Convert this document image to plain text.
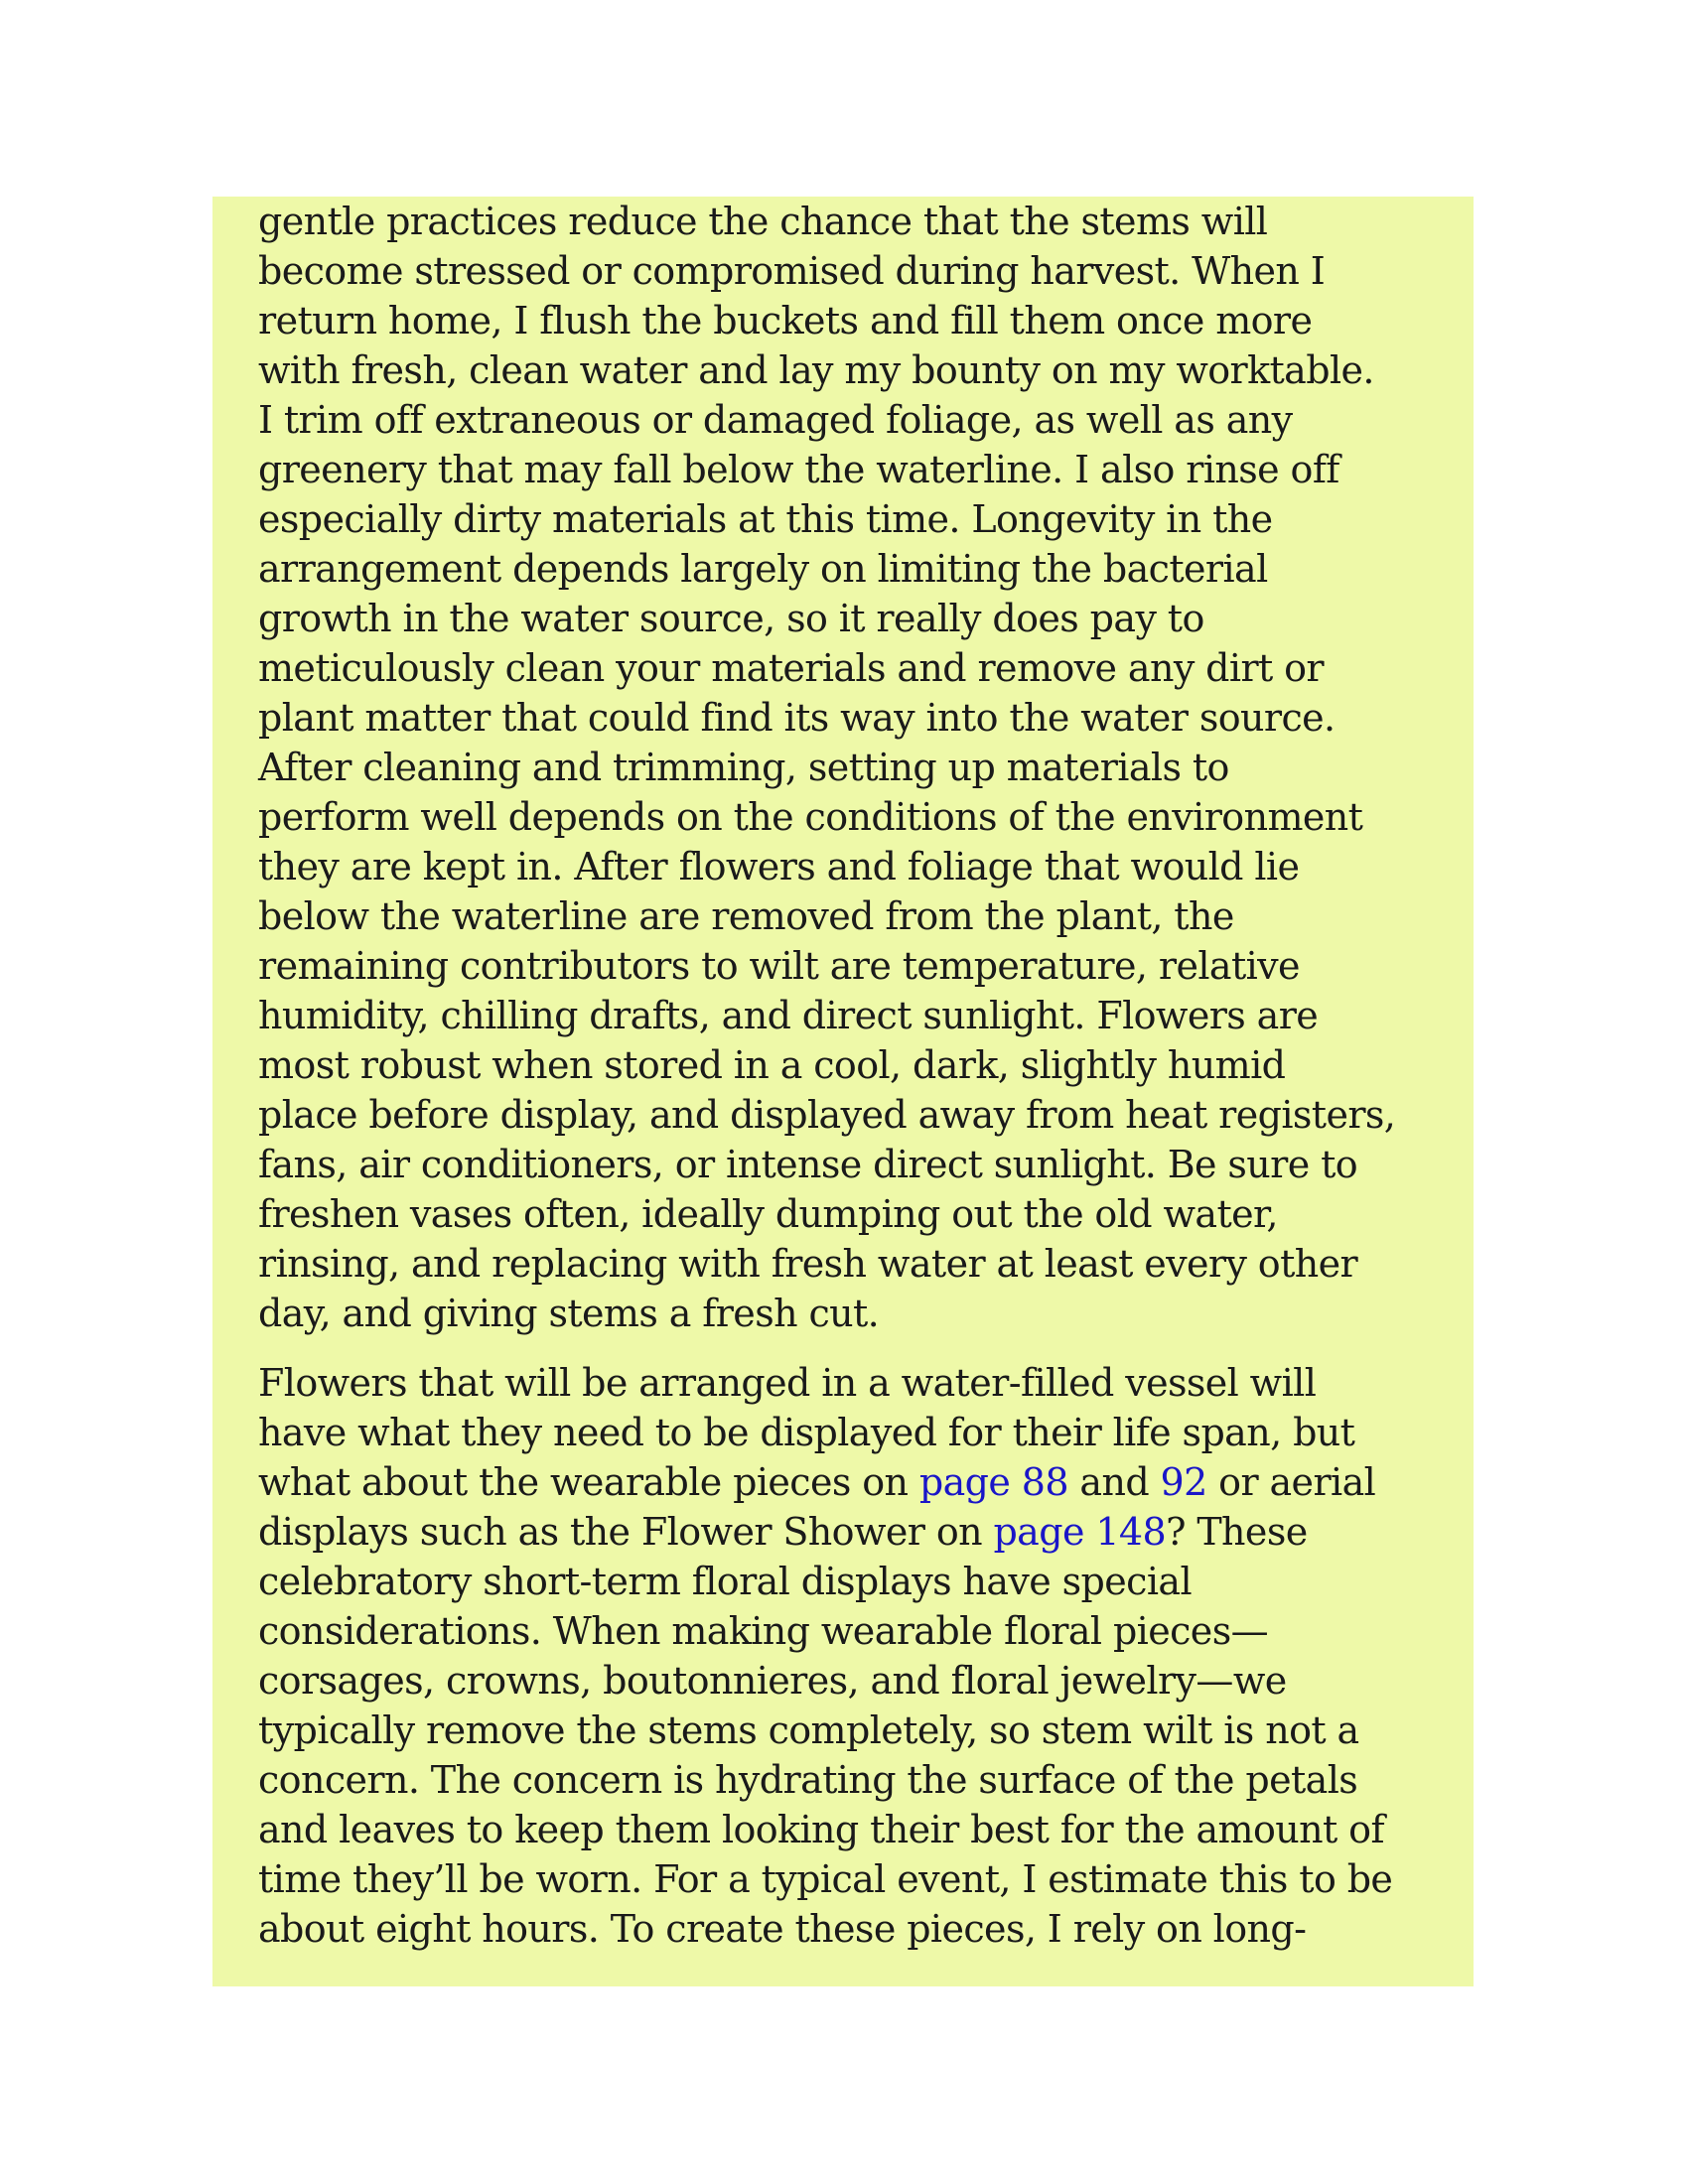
gentle practices reduce the chance that the stems will
become stressed or compromised during harvest. When I
return home, I flush the buckets and fill them once more
with fresh, clean water and lay my bounty on my worktable.
I trim off extraneous or damaged foliage, as well as any
greenery that may fall below the waterline. I also rinse off
especially dirty materials at this time. Longevity in the
arrangement depends largely on limiting the bacterial
growth in the water source, so it really does pay to
meticulously clean your materials and remove any dirt or
plant matter that could find its way into the water source.
After cleaning and trimming, setting up materials to
perform well depends on the conditions of the environment
they are kept in. After flowers and foliage that would lie
below the waterline are removed from the plant, the
remaining contributors to wilt are temperature, relative
humidity, chilling drafts, and direct sunlight. Flowers are
most robust when stored in a cool, dark, slightly humid
place before display, and displayed away from heat registers,
fans, air conditioners, or intense direct sunlight. Be sure to
freshen vases often, ideally dumping out the old water,
rinsing, and replacing with fresh water at least every other
day, and giving stems a fresh cut.

Flowers that will be arranged in a water-filled vessel will
have what they need to be displayed for their life span, but
what about the wearable pieces on page 88 and 92 or aerial
displays such as the Flower Shower on page 148? These
celebratory short-term floral displays have special
considerations. When making wearable floral pieces—
corsages, crowns, boutonnieres, and floral jewelry—we
typically remove the stems completely, so stem wilt is not a
concern. The concern is hydrating the surface of the petals
and leaves to keep them looking their best for the amount of
time they’ll be worn. For a typical event, I estimate this to be
about eight hours. To create these pieces, I rely on long-
